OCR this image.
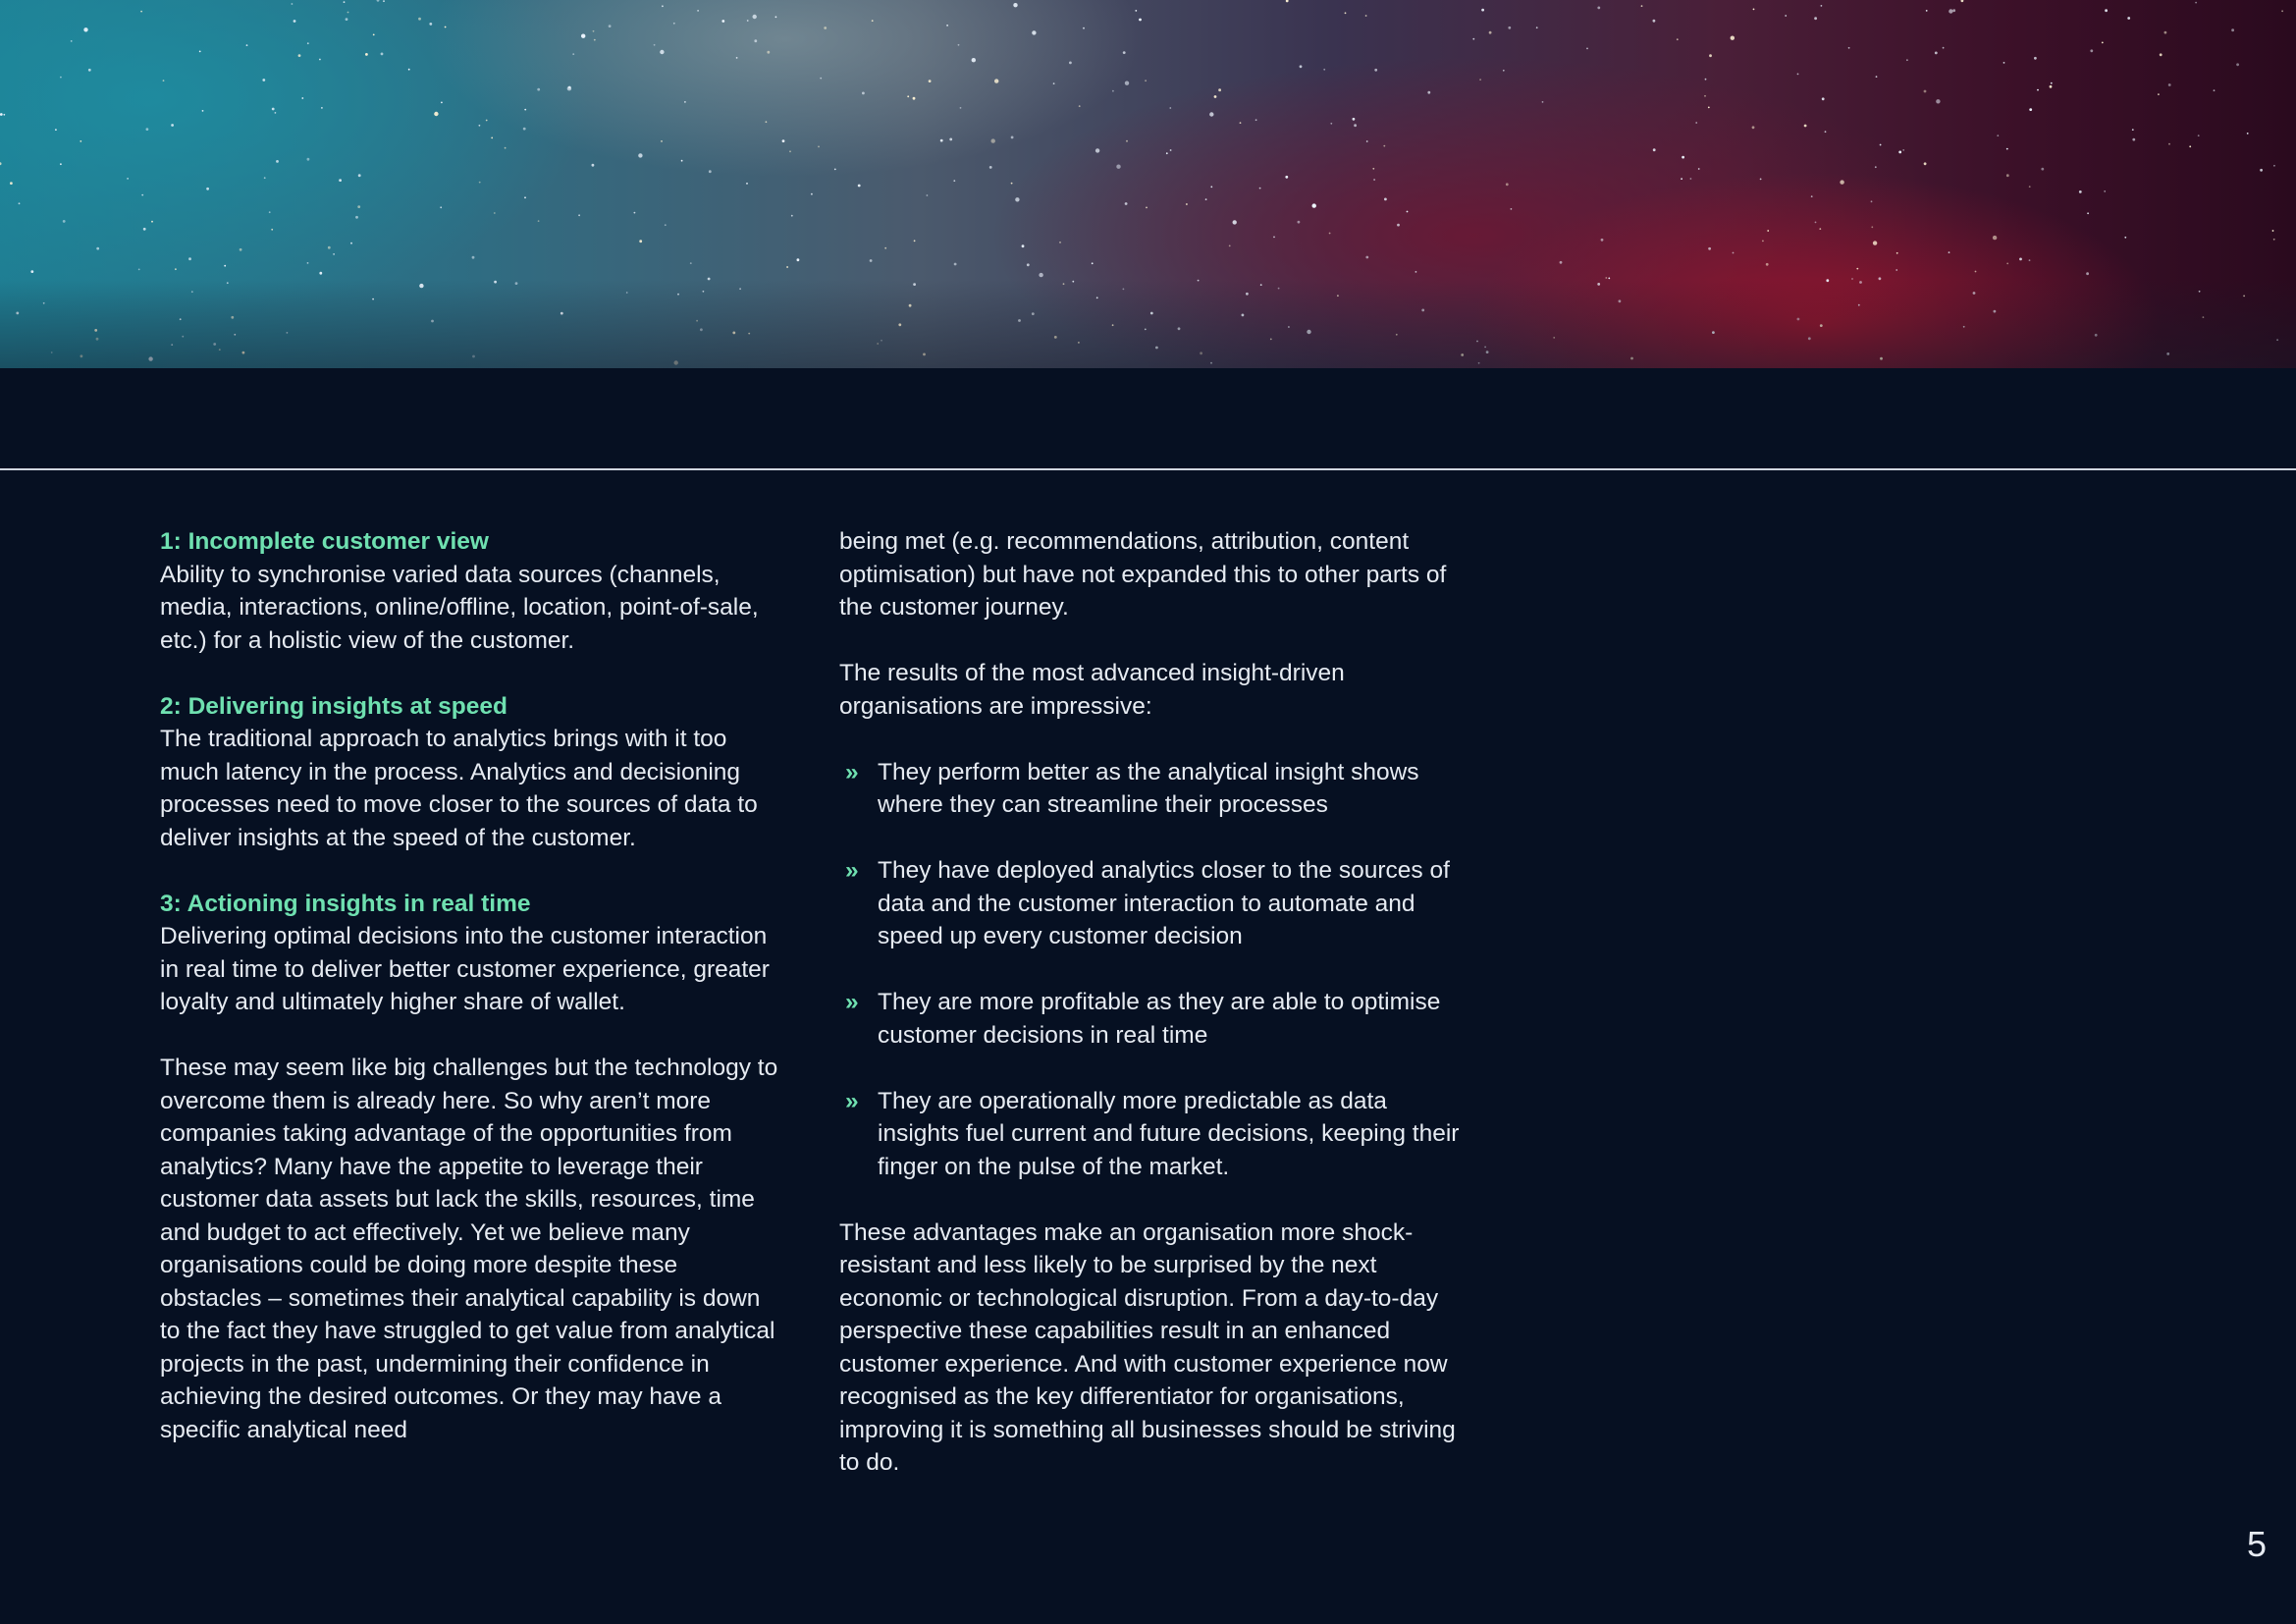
1: Incomplete customer view

Ability to synchronise varied data sources (channels, media, interactions, online/offline, location, point-of-sale, etc.) for a holistic view of the customer.

2: Delivering insights at speed

The traditional approach to analytics brings with it too much latency in the process. Analytics and decisioning processes need to move closer to the sources of data to deliver insights at the speed of the customer.

3: Actioning insights in real time

Delivering optimal decisions into the customer interaction in real time to deliver better customer experience, greater loyalty and ultimately higher share of wallet.

These may seem like big challenges but the technology to overcome them is already here. So why aren’t more companies taking advantage of the opportunities from analytics? Many have the appetite to leverage their customer data assets but lack the skills, resources, time and budget to act effectively. Yet we believe many organisations could be doing more despite these obstacles – sometimes their analytical capability is down to the fact they have struggled to get value from analytical projects in the past, undermining their confidence in achieving the desired outcomes. Or they may have a specific analytical need

being met (e.g. recommendations, attribution, content optimisation) but have not expanded this to other parts of the customer journey.

The results of the most advanced insight-driven organisations are impressive:

» They perform better as the analytical insight shows where they can streamline their processes
» They have deployed analytics closer to the sources of data and the customer interaction to automate and speed up every customer decision
» They are more profitable as they are able to optimise customer decisions in real time
» They are operationally more predictable as data insights fuel current and future decisions, keeping their finger on the pulse of the market.

These advantages make an organisation more shock-resistant and less likely to be surprised by the next economic or technological disruption. From a day-to-day perspective these capabilities result in an enhanced customer experience. And with customer experience now recognised as the key differentiator for organisations, improving it is something all businesses should be striving to do.

5
